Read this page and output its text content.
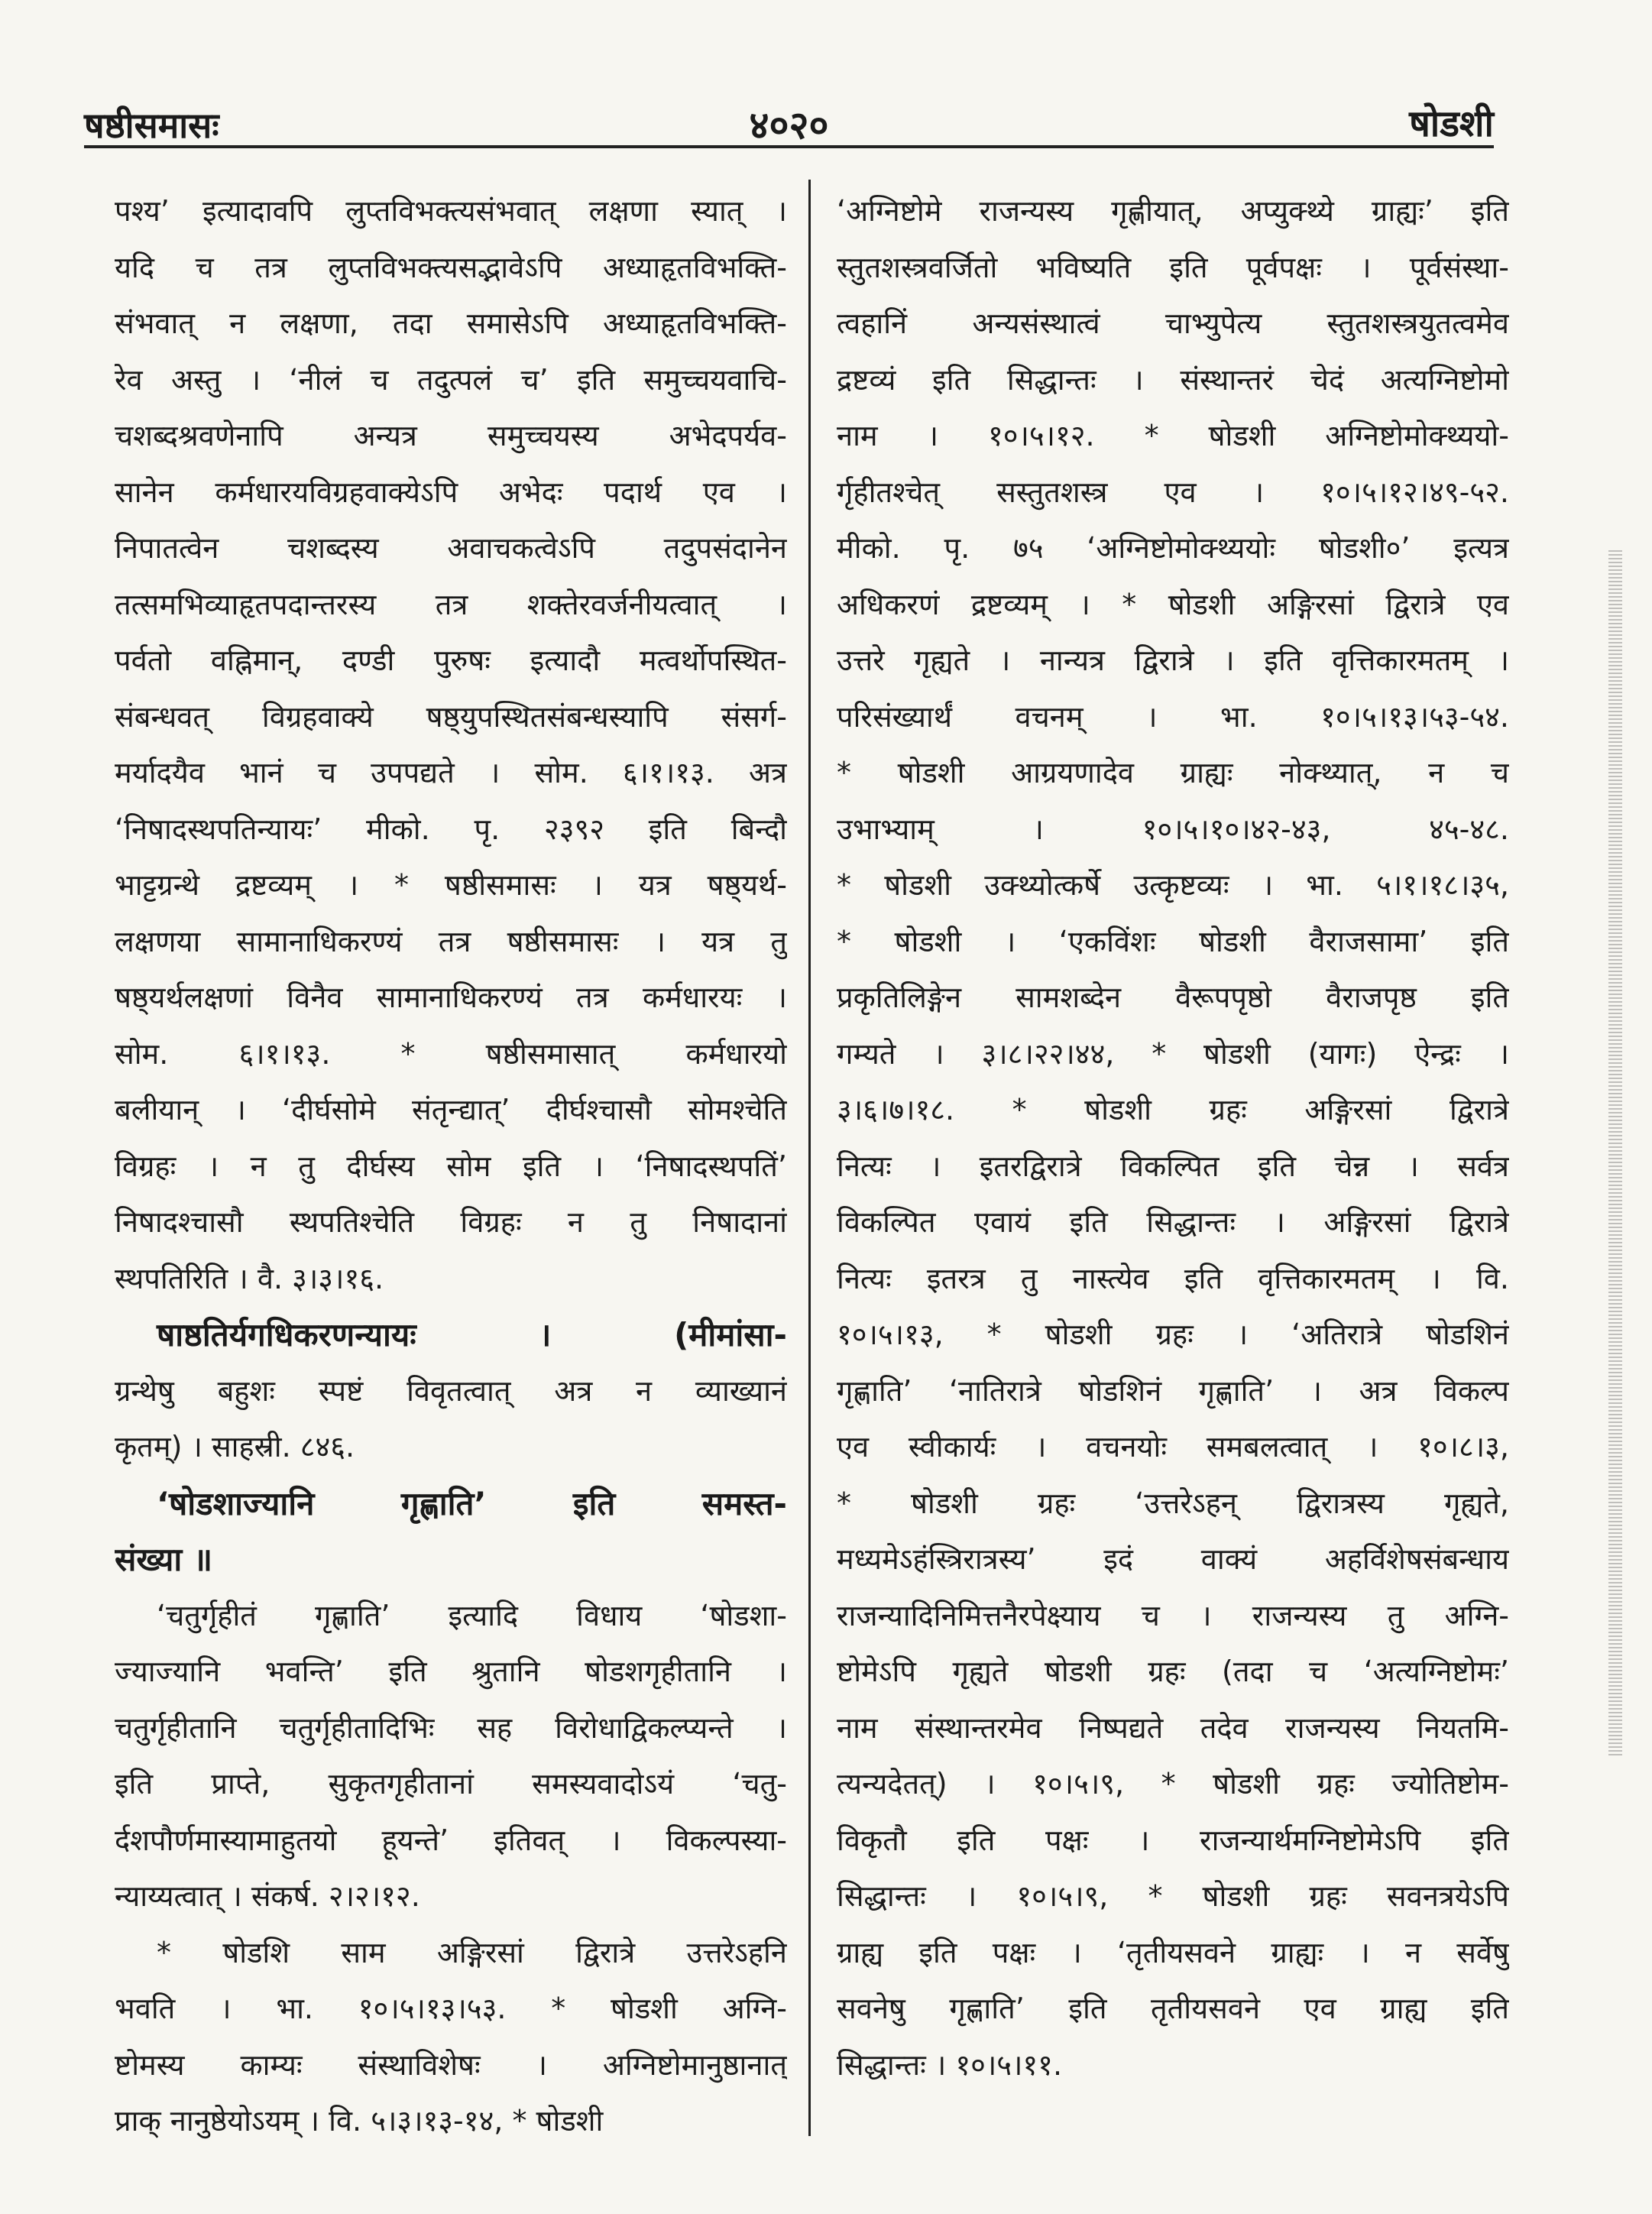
षष्ठीसमासः	४०२०	षोडशी
पश्य’ इत्यादावपि लुप्तविभक्त्यसंभवात् लक्षणा स्यात् ।
यदि च तत्र लुप्तविभक्त्यसद्भावेऽपि अध्याहृतविभक्ति-
संभवात् न लक्षणा, तदा समासेऽपि अध्याहृतविभक्ति-
रेव अस्तु । ‘नीलं च तदुत्पलं च’ इति समुच्चयवाचि-
चशब्दश्रवणेनापि अन्यत्र समुच्चयस्य अभेदपर्यव-
सानेन कर्मधारयविग्रहवाक्येऽपि अभेदः पदार्थ एव ।
निपातत्वेन चशब्दस्य अवाचकत्वेऽपि तदुपसंदानेन
तत्समभिव्याहृतपदान्तरस्य तत्र शक्तेरवर्जनीयत्वात् ।
पर्वतो वह्निमान्, दण्डी पुरुषः इत्यादौ मत्वर्थोपस्थित-
संबन्धवत् विग्रहवाक्ये षष्ठ्युपस्थितसंबन्धस्यापि संसर्ग-
मर्यादयैव भानं च उपपद्यते । सोम. ६।१।१३. अत्र
‘निषादस्थपतिन्यायः’ मीको. पृ. २३९२ इति बिन्दौ
भाट्टग्रन्थे द्रष्टव्यम् । * षष्ठीसमासः । यत्र षष्ठ्यर्थ-
लक्षणया सामानाधिकरण्यं तत्र षष्ठीसमासः । यत्र तु
षष्ठ्यर्थलक्षणां विनैव सामानाधिकरण्यं तत्र कर्मधारयः ।
सोम. ६।१।१३. * षष्ठीसमासात् कर्मधारयो
बलीयान् । ‘दीर्घसोमे संतृन्द्यात्’ दीर्घश्चासौ सोमश्चेति
विग्रहः । न तु दीर्घस्य सोम इति । ‘निषादस्थपतिं’
निषादश्चासौ स्थपतिश्चेति विग्रहः न तु निषादानां
स्थपतिरिति । वै. ३।३।१६.
षाष्ठतिर्यगधिकरणन्यायः । (मीमांसा-
ग्रन्थेषु बहुशः स्पष्टं विवृतत्वात् अत्र न व्याख्यानं
कृतम्) । साहस्री. ८४६.
‘षोडशाज्यानि गृह्णाति’ इति समस्त-
संख्या ॥
‘चतुर्गृहीतं गृह्णाति’ इत्यादि विधाय ‘षोडशा-
ज्याज्यानि भवन्ति’ इति श्रुतानि षोडशगृहीतानि ।
चतुर्गृहीतानि चतुर्गृहीतादिभिः सह विरोधाद्विकल्प्यन्ते ।
इति प्राप्ते, सुकृतगृहीतानां समस्यवादोऽयं ‘चतु-
र्दशपौर्णमास्यामाहुतयो हूयन्ते’ इतिवत् । विकल्पस्या-
न्याय्यत्वात् । संकर्ष. २।२।१२.
* षोडशि साम अङ्गिरसां द्विरात्रे उत्तरेऽहनि
भवति । भा. १०।५।१३।५३. * षोडशी अग्नि-
ष्टोमस्य काम्यः संस्थाविशेषः । अग्निष्टोमानुष्ठानात्
प्राक् नानुष्ठेयोऽयम् । वि. ५।३।१३-१४, * षोडशी
‘अग्निष्टोमे राजन्यस्य गृह्णीयात्, अप्युक्थ्ये ग्राह्यः’ इति
स्तुतशस्त्रवर्जितो भविष्यति इति पूर्वपक्षः । पूर्वसंस्था-
त्वहानिं अन्यसंस्थात्वं चाभ्युपेत्य स्तुतशस्त्रयुतत्वमेव
द्रष्टव्यं इति सिद्धान्तः । संस्थान्तरं चेदं अत्यग्निष्टोमो
नाम । १०।५।१२. * षोडशी अग्निष्टोमोक्थ्ययो-
र्गृहीतश्चेत् सस्तुतशस्त्र एव । १०।५।१२।४९-५२.
मीको. पृ. ७५ ‘अग्निष्टोमोक्थ्ययोः षोडशी०’ इत्यत्र
अधिकरणं द्रष्टव्यम् । * षोडशी अङ्गिरसां द्विरात्रे एव
उत्तरे गृह्यते । नान्यत्र द्विरात्रे । इति वृत्तिकारमतम् ।
परिसंख्यार्थं वचनम् । भा. १०।५।१३।५३-५४.
* षोडशी आग्रयणादेव ग्राह्यः नोक्थ्यात्, न च
उभाभ्याम् । १०।५।१०।४२-४३, ४५-४८.
* षोडशी उक्थ्योत्कर्षे उत्कृष्टव्यः । भा. ५।१।१८।३५,
* षोडशी । ‘एकविंशः षोडशी वैराजसामा’ इति
प्रकृतिलिङ्गेन सामशब्देन वैरूपपृष्ठो वैराजपृष्ठ इति
गम्यते । ३।८।२२।४४, * षोडशी (यागः) ऐन्द्रः ।
३।६।७।१८. * षोडशी ग्रहः अङ्गिरसां द्विरात्रे
नित्यः । इतरद्विरात्रे विकल्पित इति चेन्न । सर्वत्र
विकल्पित एवायं इति सिद्धान्तः । अङ्गिरसां द्विरात्रे
नित्यः इतरत्र तु नास्त्येव इति वृत्तिकारमतम् । वि.
१०।५।१३, * षोडशी ग्रहः । ‘अतिरात्रे षोडशिनं
गृह्णाति’ ‘नातिरात्रे षोडशिनं गृह्णाति’ । अत्र विकल्प
एव स्वीकार्यः । वचनयोः समबलत्वात् । १०।८।३,
* षोडशी ग्रहः ‘उत्तरेऽहन् द्विरात्रस्य गृह्यते,
मध्यमेऽहंस्त्रिरात्रस्य’ इदं वाक्यं अहर्विशेषसंबन्धाय
राजन्यादिनिमित्तनैरपेक्ष्याय च । राजन्यस्य तु अग्नि-
ष्टोमेऽपि गृह्यते षोडशी ग्रहः (तदा च ‘अत्यग्निष्टोमः’
नाम संस्थान्तरमेव निष्पद्यते तदेव राजन्यस्य नियतमि-
त्यन्यदेतत्) । १०।५।९, * षोडशी ग्रहः ज्योतिष्टोम-
विकृतौ इति पक्षः । राजन्यार्थमग्निष्टोमेऽपि इति
सिद्धान्तः । १०।५।९, * षोडशी ग्रहः सवनत्रयेऽपि
ग्राह्य इति पक्षः । ‘तृतीयसवने ग्राह्यः । न सर्वेषु
सवनेषु गृह्णाति’ इति तृतीयसवने एव ग्राह्य इति
सिद्धान्तः । १०।५।११.
